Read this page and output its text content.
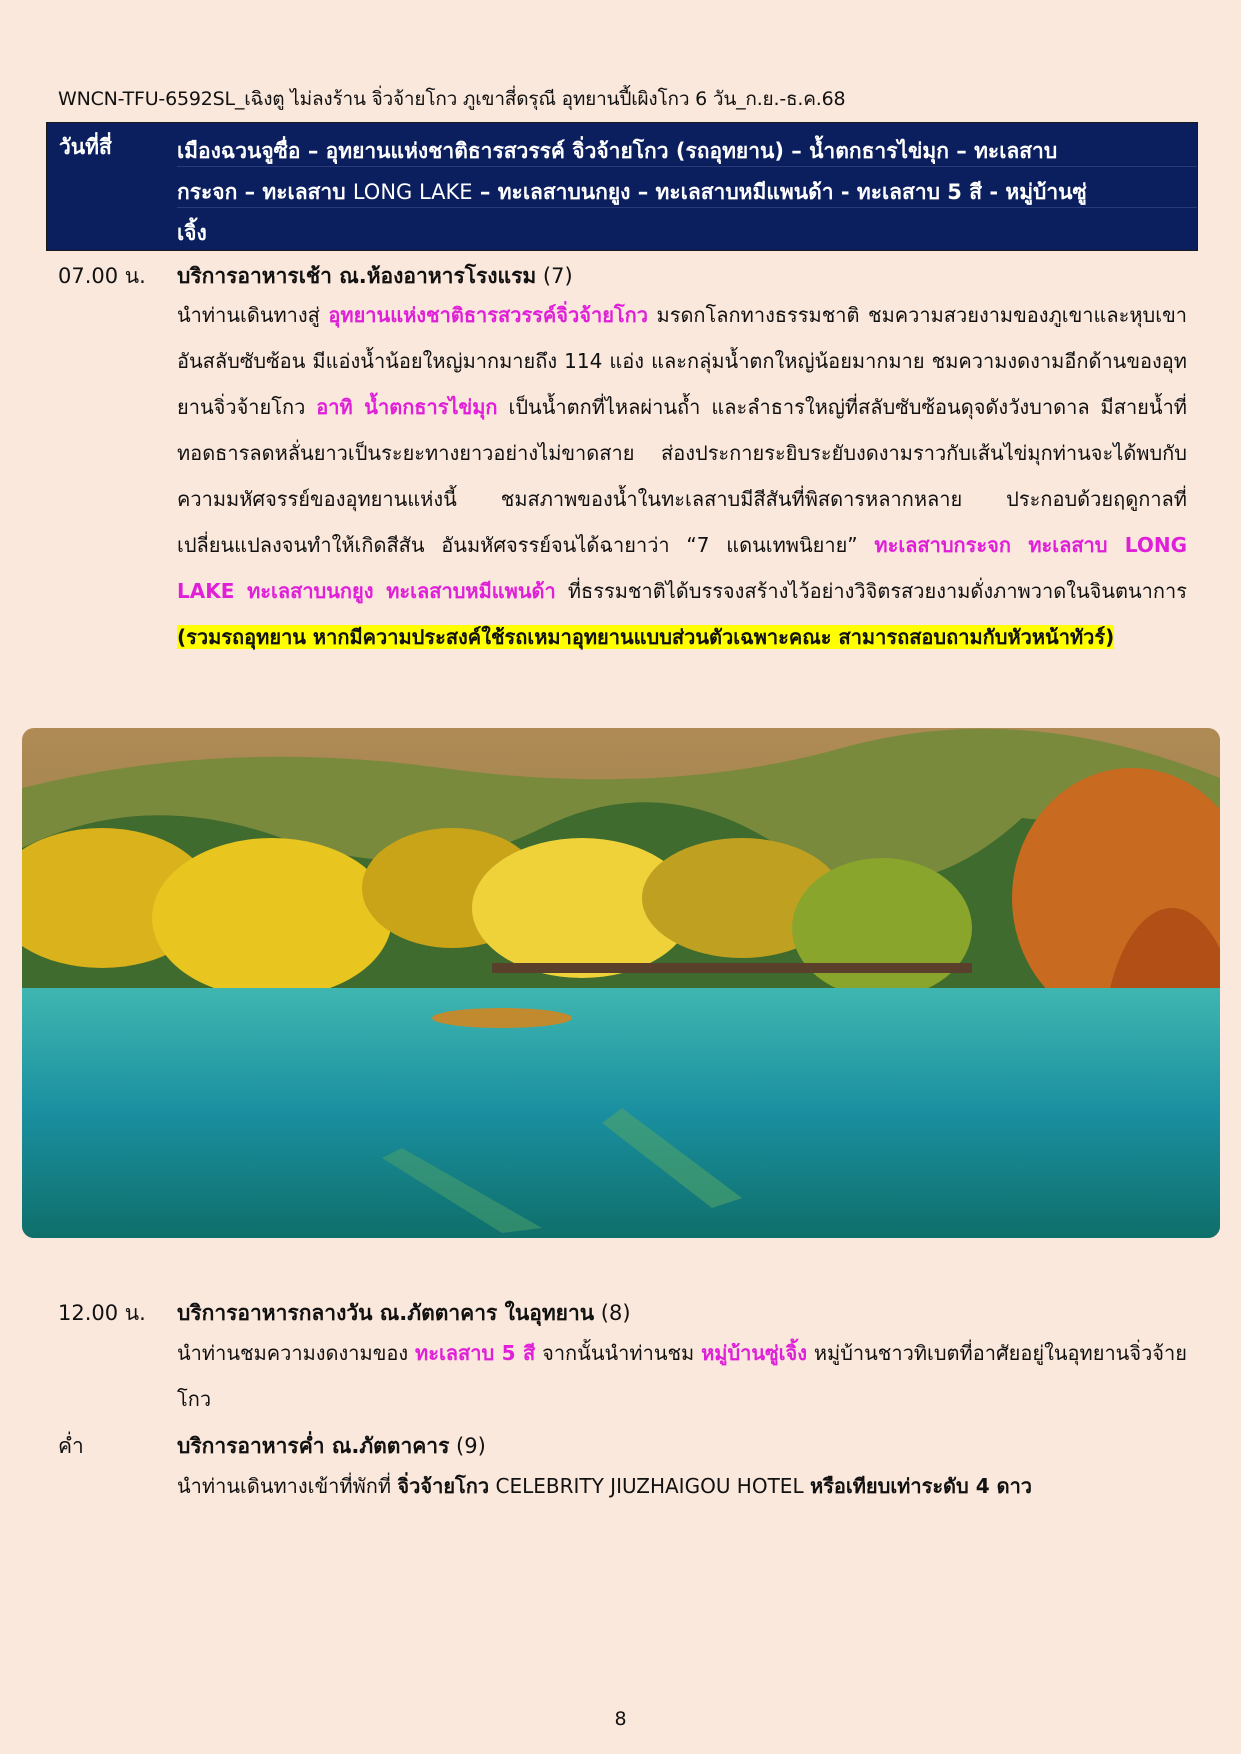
WNCN-TFU-6592SL_เฉิงตู ไม่ลงร้าน จิ่วจ้ายโกว ภูเขาสี่ดรุณี อุทยานปี้เผิงโกว 6 วัน_ก.ย.-ธ.ค.68
วันที่สี่	เมืองฉวนจูซื่อ – อุทยานแห่งชาติธารสวรรค์ จิ่วจ้ายโกว (รถอุทยาน) – น้ำตกธารไข่มุก – ทะเลสาบ
กระจก – ทะเลสาบ LONG LAKE – ทะเลสาบนกยูง – ทะเลสาบหมีแพนด้า - ทะเลสาบ 5 สี - หมู่บ้านซู่
เจิ้ง
07.00 น. บริการอาหารเช้า ณ.ห้องอาหารโรงแรม (7)
นำท่านเดินทางสู่ อุทยานแห่งชาติธารสวรรค์จิ่วจ้ายโกว มรดกโลกทางธรรมชาติ ชมความสวยงามของภูเขาและหุบเขาอันสลับซับซ้อน มีแอ่งน้ำน้อยใหญ่มากมายถึง 114 แอ่ง และกลุ่มน้ำตกใหญ่น้อยมากมาย ชมความงดงามอีกด้านของอุทยานจิ่วจ้ายโกว อาทิ น้ำตกธารไข่มุก เป็นน้ำตกที่ไหลผ่านถ้ำ และลำธารใหญ่ที่สลับซับซ้อนดุจดังวังบาดาล มีสายน้ำที่ทอดธารลดหลั่นยาวเป็นระยะทางยาวอย่างไม่ขาดสาย ส่องประกายระยิบระยับงดงามราวกับเส้นไข่มุกท่านจะได้พบกับความมหัศจรรย์ของอุทยานแห่งนี้ ชมสภาพของน้ำในทะเลสาบมีสีสันที่พิสดารหลากหลาย ประกอบด้วยฤดูกาลที่เปลี่ยนแปลงจนทำให้เกิดสีสัน อันมหัศจรรย์จนได้ฉายาว่า “7 แดนเทพนิยาย” ทะเลสาบกระจก ทะเลสาบ LONG LAKE ทะเลสาบนกยูง ทะเลสาบหมีแพนด้า ที่ธรรมชาติได้บรรจงสร้างไว้อย่างวิจิตรสวยงามดั่งภาพวาดในจินตนาการ (รวมรถอุทยาน หากมีความประสงค์ใช้รถเหมาอุทยานแบบส่วนตัวเฉพาะคณะ สามารถสอบถามกับหัวหน้าทัวร์)
12.00 น. บริการอาหารกลางวัน ณ.ภัตตาคาร ในอุทยาน (8)
นำท่านชมความงดงามของ ทะเลสาบ 5 สี จากนั้นนำท่านชม หมู่บ้านซู่เจิ้ง หมู่บ้านชาวทิเบตที่อาศัยอยู่ในอุทยานจิ่วจ้ายโกว
ค่ำ	บริการอาหารค่ำ ณ.ภัตตาคาร (9)
นำท่านเดินทางเข้าที่พักที่ จิ่วจ้ายโกว CELEBRITY JIUZHAIGOU HOTEL หรือเทียบเท่าระดับ 4 ดาว
8
